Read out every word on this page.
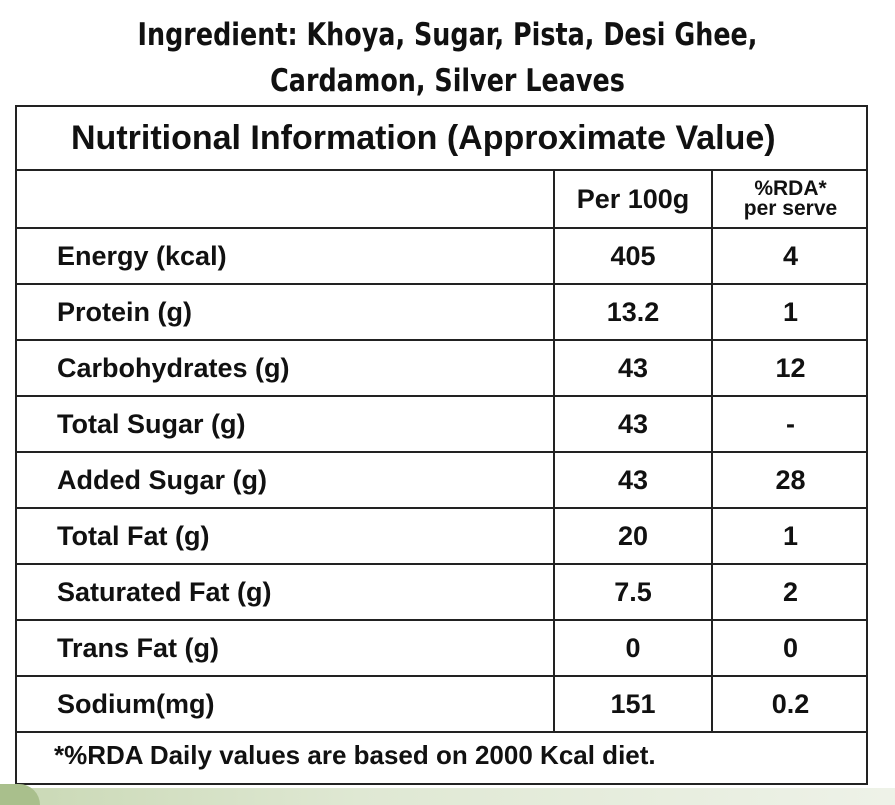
Ingredient: Khoya, Sugar, Pista, Desi Ghee,
Cardamon, Silver Leaves
Nutritional Information (Approximate Value)
	Per 100g	%RDA*
per serve

Energy (kcal)	405	4
Protein (g)	13.2	1
Carbohydrates (g)	43	12
Total Sugar (g)	43	-
Added Sugar (g)	43	28
Total Fat (g)	20	1
Saturated Fat (g)	7.5	2
Trans Fat (g)	0	0
Sodium(mg)	151	0.2
*%RDA Daily values are based on 2000 Kcal diet.
